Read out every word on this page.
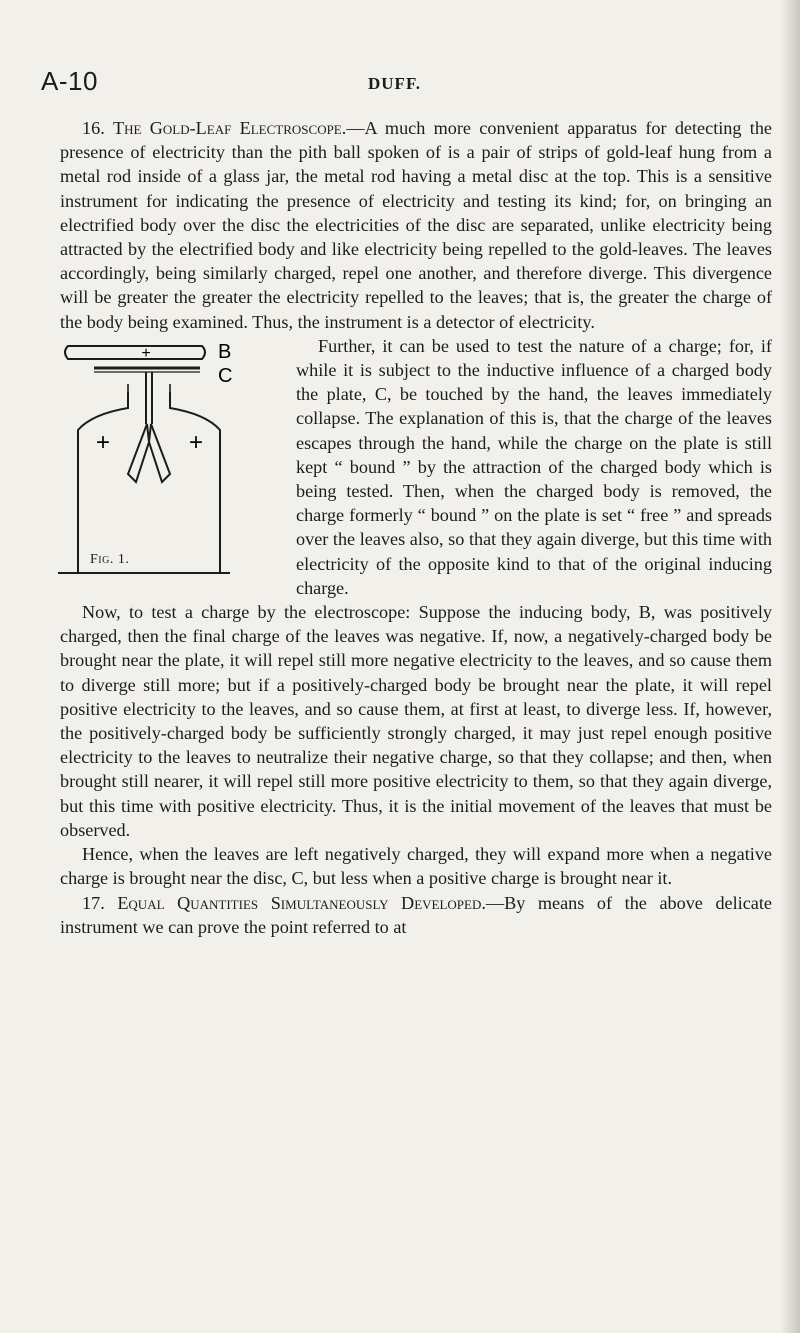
A-10	DUFF.

16. The Gold-Leaf Electroscope.—A much more convenient apparatus for detecting the presence of electricity than the pith ball spoken of is a pair of strips of gold-leaf hung from a metal rod inside of a glass jar, the metal rod having a metal disc at the top. This is a sensitive instrument for indicating the presence of electricity and testing its kind; for, on bringing an electrified body over the disc the electricities of the disc are separated, unlike electricity being attracted by the electrified body and like electricity being repelled to the gold-leaves. The leaves accordingly, being similarly charged, repel one another, and therefore diverge. This divergence will be greater the greater the electricity repelled to the leaves; that is, the greater the charge of the body being examined. Thus, the instrument is a detector of electricity.

+
+	+
B
C
Fig. 1.

Further, it can be used to test the nature of a charge; for, if while it is subject to the inductive influence of a charged body the plate, C, be touched by the hand, the leaves immediately collapse. The explanation of this is, that the charge of the leaves escapes through the hand, while the charge on the plate is still kept “ bound ” by the attraction of the charged body which is being tested. Then, when the charged body is removed, the charge formerly “ bound ” on the plate is set “ free ” and spreads over the leaves also, so that they again diverge, but this time with electricity of the opposite kind to that of the original inducing charge.

Now, to test a charge by the electroscope: Suppose the inducing body, B, was positively charged, then the final charge of the leaves was negative. If, now, a negatively-charged body be brought near the plate, it will repel still more negative electricity to the leaves, and so cause them to diverge still more; but if a positively-charged body be brought near the plate, it will repel positive electricity to the leaves, and so cause them, at first at least, to diverge less. If, however, the positively-charged body be sufficiently strongly charged, it may just repel enough positive electricity to the leaves to neutralize their negative charge, so that they collapse; and then, when brought still nearer, it will repel still more positive electricity to them, so that they again diverge, but this time with positive electricity. Thus, it is the initial movement of the leaves that must be observed.

Hence, when the leaves are left negatively charged, they will expand more when a negative charge is brought near the disc, C, but less when a positive charge is brought near it.

17. Equal Quantities Simultaneously Developed.—By means of the above delicate instrument we can prove the point referred to at
